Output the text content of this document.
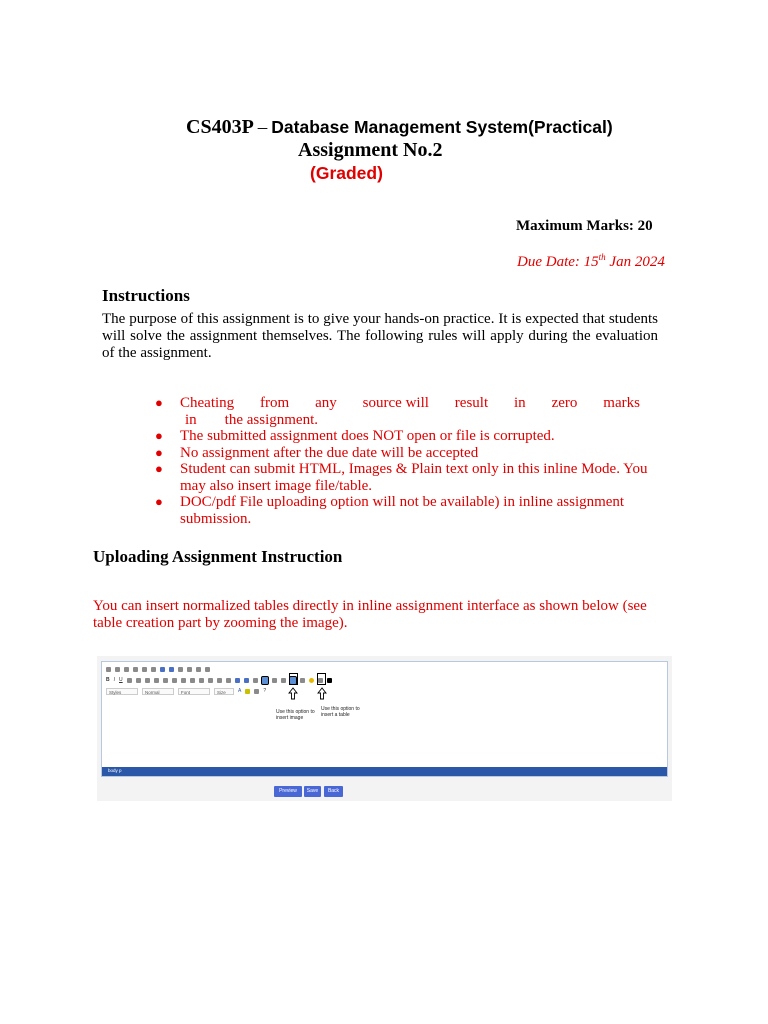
CS403P – Database Management System(Practical)
Assignment No.2
(Graded)
Maximum Marks: 20
Due Date: 15th Jan 2024
Instructions
The purpose of this assignment is to give your hands-on practice. It is expected that students will solve the assignment themselves. The following rules will apply during the evaluation of the assignment.
● Cheating from any source will result in zero marks
in the assignment.
● The submitted assignment does NOT open or file is corrupted.
● No assignment after the due date will be accepted
● Student can submit HTML, Images & Plain text only in this inline Mode. You may also insert image file/table.
● DOC/pdf File uploading option will not be available) in inline assignment submission.
Uploading Assignment Instruction
You can insert normalized tables directly in inline assignment interface as shown below (see table creation part by zooming the image).
B I U
Styles	Normal	Font	Size	A	?
Use this option to insert image
Use this option to insert a table
body p
Preview	Save	Back
